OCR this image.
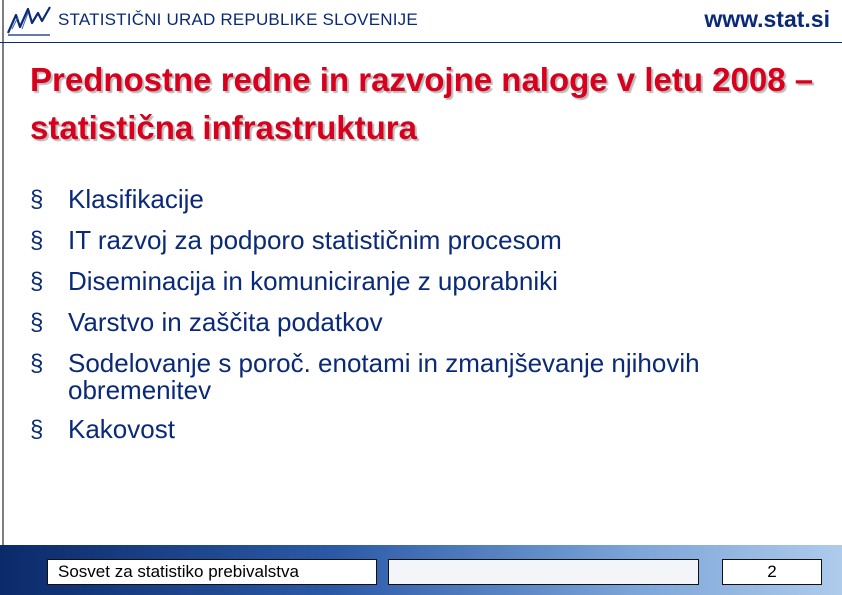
STATISTIČNI URAD REPUBLIKE SLOVENIJE	www.stat.si
Prednostne redne in razvojne naloge v letu 2008 – statistična infrastruktura
§ Klasifikacije
§ IT razvoj za podporo statističnim procesom
§ Diseminacija in komuniciranje z uporabniki
§ Varstvo in zaščita podatkov
§ Sodelovanje s poroč. enotami in zmanjševanje njihovih obremenitev
§ Kakovost
Sosvet za statistiko prebivalstva	2
